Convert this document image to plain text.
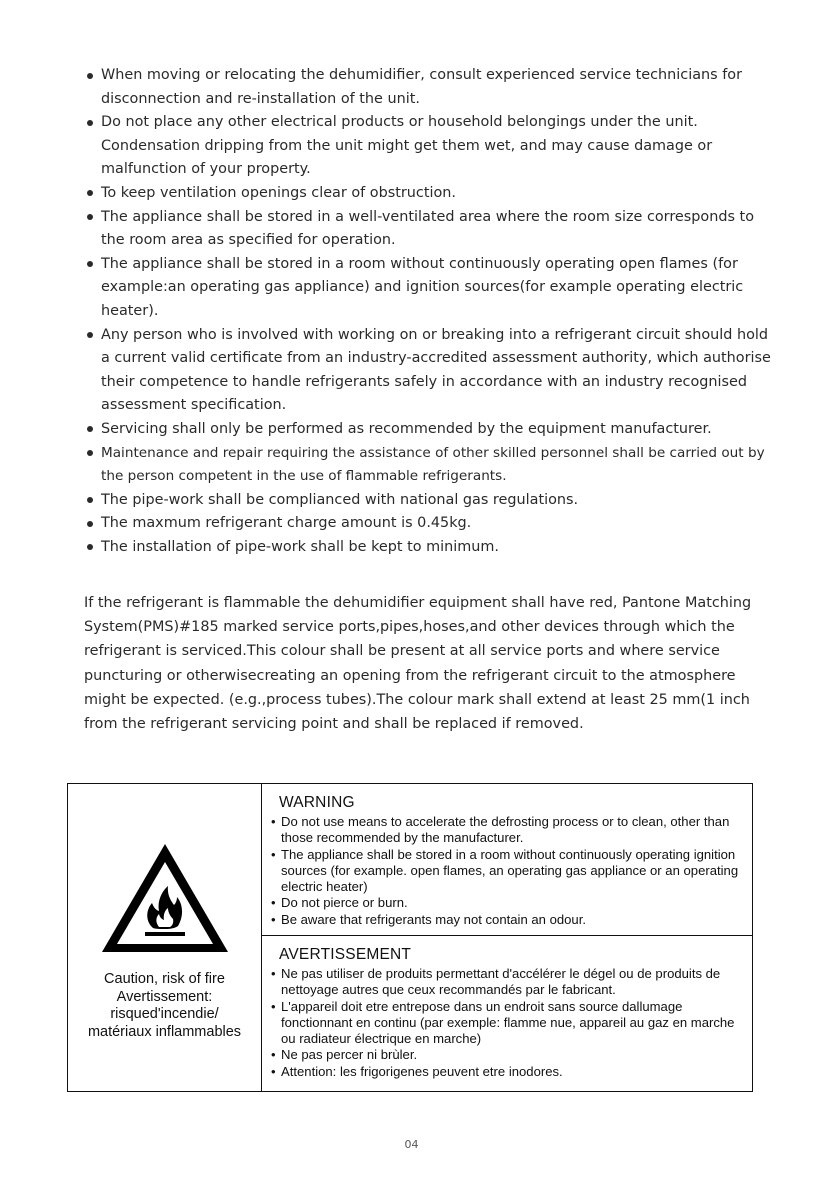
When moving or relocating the dehumidifier, consult experienced service technicians for disconnection and re-installation of the unit.
Do not place any other electrical products or household belongings under the unit. Condensation dripping from the unit might get them wet, and may cause damage or malfunction of your property.
To keep ventilation openings clear of obstruction.
The appliance shall be stored in a well-ventilated area where the room size corresponds to the room area as specified for operation.
The appliance shall be stored in a room without continuously operating open flames (for example:an operating gas appliance) and ignition sources(for example operating electric heater).
Any person who is involved with working on or breaking into a refrigerant circuit should hold a current valid certificate from an industry-accredited assessment authority, which authorise their competence to handle refrigerants safely in accordance with an industry recognised assessment specification.
Servicing shall only be performed as recommended by the equipment manufacturer.
Maintenance and repair requiring the assistance of other skilled personnel shall be carried out by the person competent in the use of flammable refrigerants.
The pipe-work shall be complianced with national gas regulations.
The maxmum refrigerant charge amount is 0.45kg.
The installation of pipe-work shall be kept to minimum.

If the refrigerant is flammable the dehumidifier equipment shall have red, Pantone Matching System(PMS)#185 marked service ports,pipes,hoses,and other devices through which the refrigerant is serviced.This colour shall be present at all service ports and where service puncturing or otherwisecreating an opening from the refrigerant circuit to the atmosphere might be expected. (e.g.,process tubes).The colour mark shall extend at least 25 mm(1 inch from the refrigerant servicing point and shall be replaced if removed.

Caution, risk of fire
Avertissement:
risqued'incendie/
matériaux inflammables

WARNING
• Do not use means to accelerate the defrosting process or to clean, other than those recommended by the manufacturer.
• The appliance shall be stored in a room without continuously operating ignition sources (for example. open flames, an operating gas appliance or an operating electric heater)
• Do not pierce or burn.
• Be aware that refrigerants may not contain an odour.

AVERTISSEMENT
• Ne pas utiliser de produits permettant d'accélérer le dégel ou de produits de nettoyage autres que ceux recommandés par le fabricant.
• L'appareil doit etre entrepose dans un endroit sans source dallumage fonctionnant en continu (par exemple: flamme nue, appareil au gaz en marche ou radiateur électrique en marche)
• Ne pas percer ni brùler.
• Attention: les frigorigenes peuvent etre inodores.
04
